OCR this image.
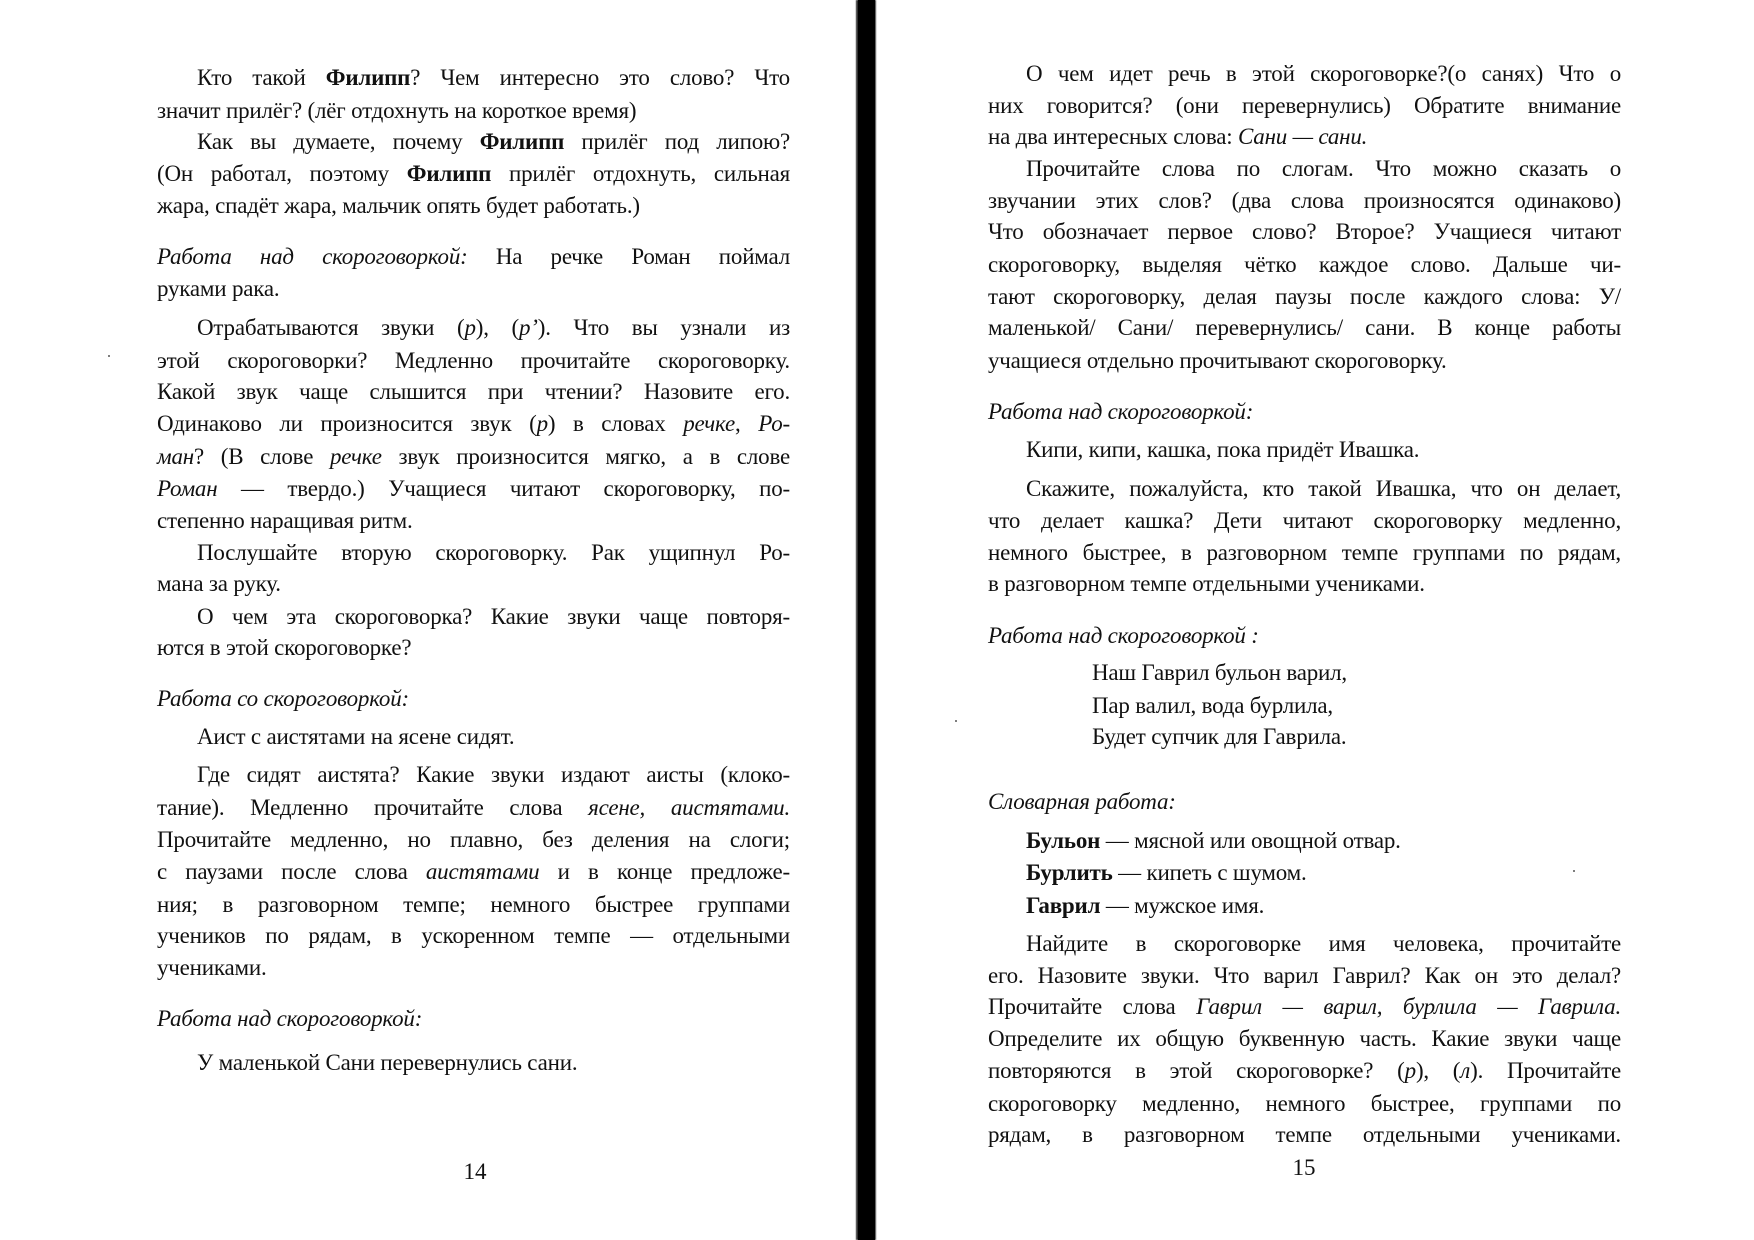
Кто такой Филипп? Чем интересно это слово? Что
значит прилёг? (лёг отдохнуть на короткое время)
Как вы думаете, почему Филипп прилёг под липою?
(Он работал, поэтому Филипп прилёг отдохнуть, сильная
жара, спадёт жара, мальчик опять будет работать.)
Работа над скороговоркой: На речке Роман поймал
руками рака.
Отрабатываются звуки (р), (р’). Что вы узнали из
этой скороговорки? Медленно прочитайте скороговорку.
Какой звук чаще слышится при чтении? Назовите его.
Одинаково ли произносится звук (р) в словах речке, Ро-
ман? (В слове речке звук произносится мягко, а в слове
Роман — твердо.) Учащиеся читают скороговорку, по-
степенно наращивая ритм.
Послушайте вторую скороговорку. Рак ущипнул Ро-
мана за руку.
О чем эта скороговорка? Какие звуки чаще повторя-
ются в этой скороговорке?
Работа со скороговоркой:
Аист с аистятами на ясене сидят.
Где сидят аистята? Какие звуки издают аисты (клоко-
тание). Медленно прочитайте слова ясене, аистятами.
Прочитайте медленно, но плавно, без деления на слоги;
с паузами после слова аистятами и в конце предложе-
ния; в разговорном темпе; немного быстрее группами
учеников по рядам, в ускоренном темпе — отдельными
учениками.
Работа над скороговоркой:
У маленькой Сани перевернулись сани.
О чем идет речь в этой скороговорке?(о санях) Что о
них говорится? (они перевернулись) Обратите внимание
на два интересных слова: Сани — сани.
Прочитайте слова по слогам. Что можно сказать о
звучании этих слов? (два слова произносятся одинаково)
Что обозначает первое слово? Второе? Учащиеся читают
скороговорку, выделяя чётко каждое слово. Дальше чи-
тают скороговорку, делая паузы после каждого слова: У/
маленькой/ Сани/ перевернулись/ сани. В конце работы
учащиеся отдельно прочитывают скороговорку.
Работа над скороговоркой:
Кипи, кипи, кашка, пока придёт Ивашка.
Скажите, пожалуйста, кто такой Ивашка, что он делает,
что делает кашка? Дети читают скороговорку медленно,
немного быстрее, в разговорном темпе группами по рядам,
в разговорном темпе отдельными учениками.
Работа над скороговоркой :
Наш Гаврил бульон варил,
Пар валил, вода бурлила,
Будет супчик для Гаврила.
Словарная работа:
Бульон — мясной или овощной отвар.
Бурлить — кипеть с шумом.
Гаврил — мужское имя.
Найдите в скороговорке имя человека, прочитайте
его. Назовите звуки. Что варил Гаврил? Как он это делал?
Прочитайте слова Гаврил — варил, бурлила — Гаврила.
Определите их общую буквенную часть. Какие звуки чаще
повторяются в этой скороговорке? (р), (л). Прочитайте
скороговорку медленно, немного быстрее, группами по
рядам, в разговорном темпе отдельными учениками.
14	15
